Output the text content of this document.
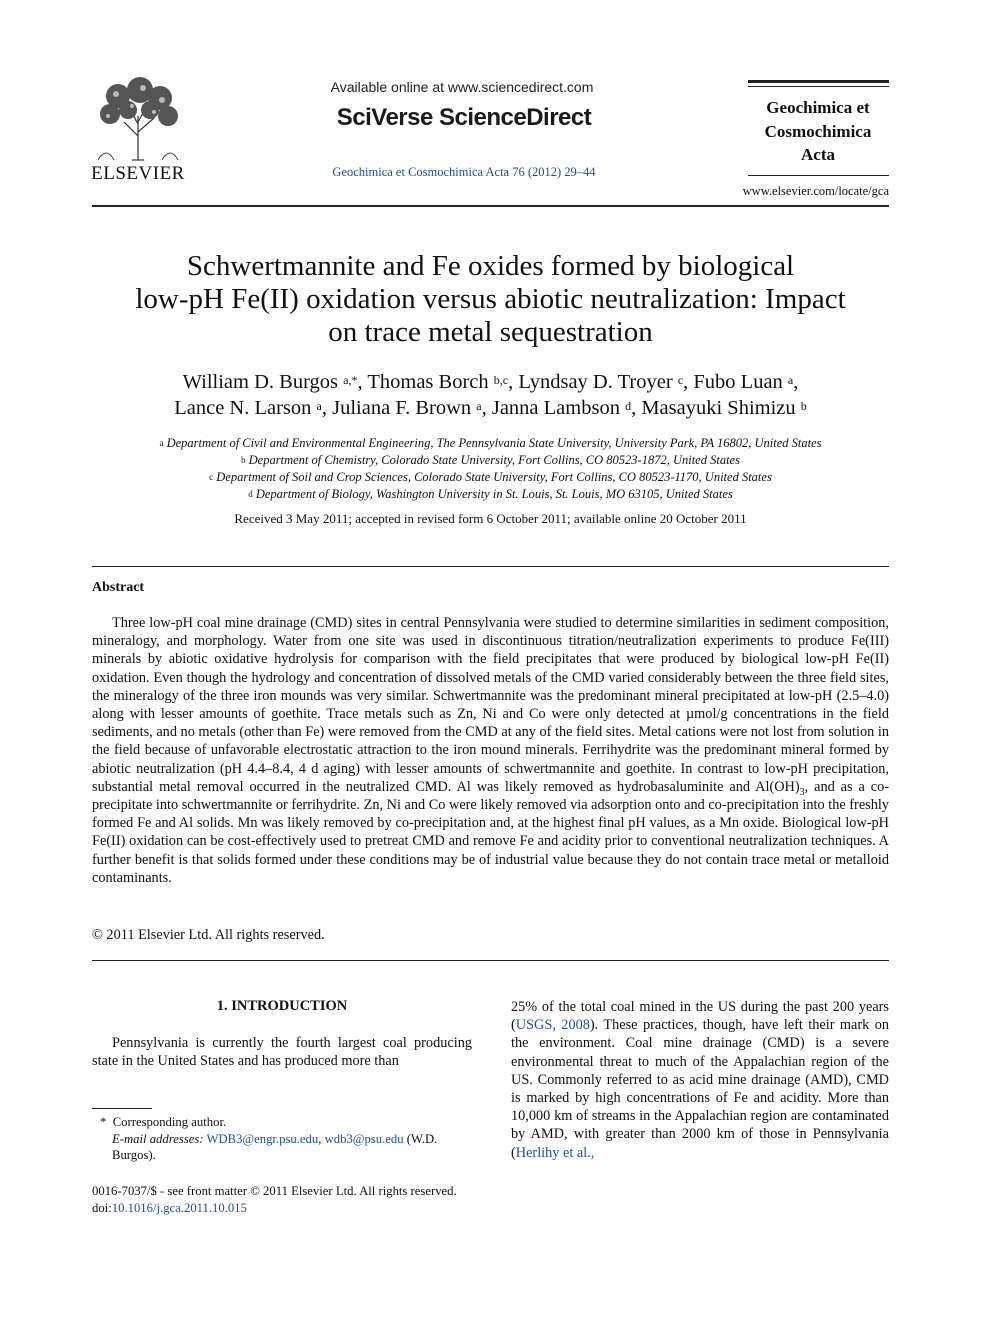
ELSEVIER
Available online at www.sciencedirect.com
SciVerse ScienceDirect
Geochimica et Cosmochimica Acta 76 (2012) 29–44
Geochimica et
Cosmochimica
Acta
www.elsevier.com/locate/gca
Schwertmannite and Fe oxides formed by biological
low-pH Fe(II) oxidation versus abiotic neutralization: Impact
on trace metal sequestration
William D. Burgos $^{a,*}$, Thomas Borch $^{b,c}$, Lyndsay D. Troyer $^c$, Fubo Luan $^a$,
Lance N. Larson $^a$, Juliana F. Brown $^a$, Janna Lambson $^d$, Masayuki Shimizu $^b$
$^a$ Department of Civil and Environmental Engineering, The Pennsylvania State University, University Park, PA 16802, United States
$^b$ Department of Chemistry, Colorado State University, Fort Collins, CO 80523-1872, United States
$^c$ Department of Soil and Crop Sciences, Colorado State University, Fort Collins, CO 80523-1170, United States
$^d$ Department of Biology, Washington University in St. Louis, St. Louis, MO 63105, United States
Received 3 May 2011; accepted in revised form 6 October 2011; available online 20 October 2011
Abstract
Three low-pH coal mine drainage (CMD) sites in central Pennsylvania were studied to determine similarities in sediment composition, mineralogy, and morphology. Water from one site was used in discontinuous titration/neutralization experiments to produce Fe(III) minerals by abiotic oxidative hydrolysis for comparison with the field precipitates that were produced by biological low-pH Fe(II) oxidation. Even though the hydrology and concentration of dissolved metals of the CMD varied considerably between the three field sites, the mineralogy of the three iron mounds was very similar. Schwertmannite was the predominant mineral precipitated at low-pH (2.5–4.0) along with lesser amounts of goethite. Trace metals such as Zn, Ni and Co were only detected at µmol/g concentrations in the field sediments, and no metals (other than Fe) were removed from the CMD at any of the field sites. Metal cations were not lost from solution in the field because of unfavorable electrostatic attraction to the iron mound minerals. Ferrihydrite was the predominant mineral formed by abiotic neutralization (pH 4.4–8.4, 4 d aging) with lesser amounts of schwertmannite and goethite. In contrast to low-pH precipitation, substantial metal removal occurred in the neutralized CMD. Al was likely removed as hydrobasaluminite and $Al(OH)_3$, and as a co-precipitate into schwertmannite or ferrihydrite. Zn, Ni and Co were likely removed via adsorption onto and co-precipitation into the freshly formed Fe and Al solids. Mn was likely removed by co-precipitation and, at the highest final pH values, as a Mn oxide. Biological low-pH Fe(II) oxidation can be cost-effectively used to pretreat CMD and remove Fe and acidity prior to conventional neutralization techniques. A further benefit is that solids formed under these conditions may be of industrial value because they do not contain trace metal or metalloid contaminants.
© 2011 Elsevier Ltd. All rights reserved.
1. INTRODUCTION
Pennsylvania is currently the fourth largest coal producing state in the United States and has produced more than
25% of the total coal mined in the US during the past 200 years (USGS, 2008). These practices, though, have left their mark on the environment. Coal mine drainage (CMD) is a severe environmental threat to much of the Appalachian region of the US. Commonly referred to as acid mine drainage (AMD), CMD is marked by high concentrations of Fe and acidity. More than 10,000 km of streams in the Appalachian region are contaminated by AMD, with greater than 2000 km of those in Pennsylvania (Herlihy et al.,
* Corresponding author.
E-mail addresses: WDB3@engr.psu.edu, wdb3@psu.edu (W.D. Burgos).
0016-7037/$ - see front matter © 2011 Elsevier Ltd. All rights reserved.
doi:10.1016/j.gca.2011.10.015
